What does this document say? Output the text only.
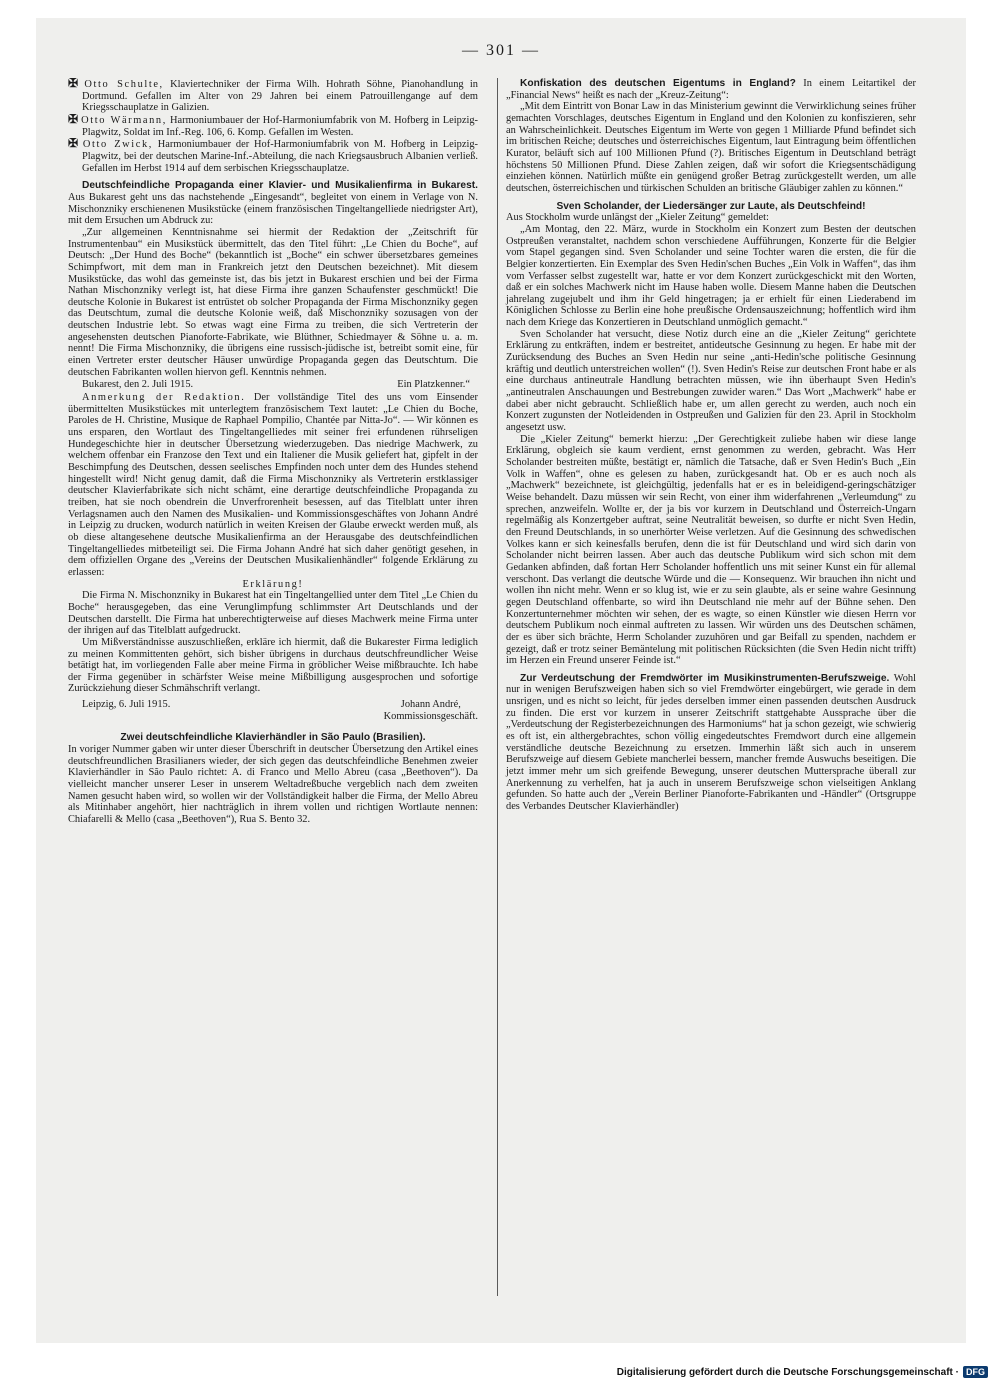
— 301 —

✠ Otto Schulte, Klaviertechniker der Firma Wilh. Hohrath Söhne, Pianohandlung in Dortmund. Gefallen im Alter von 29 Jahren bei einem Patrouillengange auf dem Kriegsschauplatze in Galizien.

✠ Otto Wärmann, Harmoniumbauer der Hof-Harmoniumfabrik von M. Hofberg in Leipzig-Plagwitz, Soldat im Inf.-Reg. 106, 6. Komp. Gefallen im Westen.

✠ Otto Zwick, Harmoniumbauer der Hof-Harmoniumfabrik von M. Hofberg in Leipzig-Plagwitz, bei der deutschen Marine-Inf.-Abteilung, die nach Kriegsausbruch Albanien verließ. Gefallen im Herbst 1914 auf dem serbischen Kriegsschauplatze.

Deutschfeindliche Propaganda einer Klavier- und Musikalienfirma in Bukarest. Aus Bukarest geht uns das nachstehende „Eingesandt“, begleitet von einem in Verlage von N. Mischonzniky erschienenen Musikstücke (einem französischen Tingeltangelliede niedrigster Art), mit dem Ersuchen um Abdruck zu:

„Zur allgemeinen Kenntnisnahme sei hiermit der Redaktion der „Zeitschrift für Instrumentenbau“ ein Musikstück übermittelt, das den Titel führt: „Le Chien du Boche“, auf Deutsch: „Der Hund des Boche“ (bekanntlich ist „Boche“ ein schwer übersetzbares gemeines Schimpfwort, mit dem man in Frankreich jetzt den Deutschen bezeichnet). Mit diesem Musikstücke, das wohl das gemeinste ist, das bis jetzt in Bukarest erschien und bei der Firma Nathan Mischonzniky verlegt ist, hat diese Firma ihre ganzen Schaufenster geschmückt! Die deutsche Kolonie in Bukarest ist entrüstet ob solcher Propaganda der Firma Mischonzniky gegen das Deutschtum, zumal die deutsche Kolonie weiß, daß Mischonzniky sozusagen von der deutschen Industrie lebt. So etwas wagt eine Firma zu treiben, die sich Vertreterin der angesehensten deutschen Pianoforte-Fabrikate, wie Blüthner, Schiedmayer & Söhne u. a. m. nennt! Die Firma Mischonzniky, die übrigens eine russisch-jüdische ist, betreibt somit eine, für einen Vertreter erster deutscher Häuser unwürdige Propaganda gegen das Deutschtum. Die deutschen Fabrikanten wollen hiervon gefl. Kenntnis nehmen.

Bukarest, den 2. Juli 1915.	Ein Platzkenner.“

Anmerkung der Redaktion. Der vollständige Titel des uns vom Einsender übermittelten Musikstückes mit unterlegtem französischem Text lautet: „Le Chien du Boche, Paroles de H. Christine, Musique de Raphael Pompilio, Chantée par Nitta-Jo“. — Wir können es uns ersparen, den Wortlaut des Tingeltangelliedes mit seiner frei erfundenen rührseligen Hundegeschichte hier in deutscher Übersetzung wiederzugeben. Das niedrige Machwerk, zu welchem offenbar ein Franzose den Text und ein Italiener die Musik geliefert hat, gipfelt in der Beschimpfung des Deutschen, dessen seelisches Empfinden noch unter dem des Hundes stehend hingestellt wird! Nicht genug damit, daß die Firma Mischonzniky als Vertreterin erstklassiger deutscher Klavierfabrikate sich nicht schämt, eine derartige deutschfeindliche Propaganda zu treiben, hat sie noch obendrein die Unverfrorenheit besessen, auf das Titelblatt unter ihren Verlagsnamen auch den Namen des Musikalien- und Kommissionsgeschäftes von Johann André in Leipzig zu drucken, wodurch natürlich in weiten Kreisen der Glaube erweckt werden muß, als ob diese altangesehene deutsche Musikalienfirma an der Herausgabe des deutschfeindlichen Tingeltangelliedes mitbeteiligt sei. Die Firma Johann André hat sich daher genötigt gesehen, in dem offiziellen Organe des „Vereins der Deutschen Musikalienhändler“ folgende Erklärung zu erlassen:

Erklärung!

Die Firma N. Mischonzniky in Bukarest hat ein Tingeltangellied unter dem Titel „Le Chien du Boche“ herausgegeben, das eine Verunglimpfung schlimmster Art Deutschlands und der Deutschen darstellt. Die Firma hat unberechtigterweise auf dieses Machwerk meine Firma unter der ihrigen auf das Titelblatt aufgedruckt.

Um Mißverständnisse auszuschließen, erkläre ich hiermit, daß die Bukarester Firma lediglich zu meinen Kommittenten gehört, sich bisher übrigens in durchaus deutschfreundlicher Weise betätigt hat, im vorliegenden Falle aber meine Firma in gröblicher Weise mißbrauchte. Ich habe der Firma gegenüber in schärfster Weise meine Mißbilligung ausgesprochen und sofortige Zurückziehung dieser Schmähschrift verlangt.

Leipzig, 6. Juli 1915.	Johann André,
Kommissionsgeschäft.

Zwei deutschfeindliche Klavierhändler in São Paulo (Brasilien).

In voriger Nummer gaben wir unter dieser Überschrift in deutscher Übersetzung den Artikel eines deutschfreundlichen Brasilianers wieder, der sich gegen das deutschfeindliche Benehmen zweier Klavierhändler in São Paulo richtet: A. di Franco und Mello Abreu (casa „Beethoven“). Da vielleicht mancher unserer Leser in unserem Weltadreßbuche vergeblich nach dem zweiten Namen gesucht haben wird, so wollen wir der Vollständigkeit halber die Firma, der Mello Abreu als Mitinhaber angehört, hier nachträglich in ihrem vollen und richtigen Wortlaute nennen: Chiafarelli & Mello (casa „Beethoven“), Rua S. Bento 32.

Konfiskation des deutschen Eigentums in England? In einem Leitartikel der „Financial News“ heißt es nach der „Kreuz-Zeitung“:

„Mit dem Eintritt von Bonar Law in das Ministerium gewinnt die Verwirklichung seines früher gemachten Vorschlages, deutsches Eigentum in England und den Kolonien zu konfiszieren, sehr an Wahrscheinlichkeit. Deutsches Eigentum im Werte von gegen 1 Milliarde Pfund befindet sich im britischen Reiche; deutsches und österreichisches Eigentum, laut Eintragung beim öffentlichen Kurator, beläuft sich auf 100 Millionen Pfund (?). Britisches Eigentum in Deutschland beträgt höchstens 50 Millionen Pfund. Diese Zahlen zeigen, daß wir sofort die Kriegsentschädigung einziehen können. Natürlich müßte ein genügend großer Betrag zurückgestellt werden, um alle deutschen, österreichischen und türkischen Schulden an britische Gläubiger zahlen zu können.“

Sven Scholander, der Liedersänger zur Laute, als Deutschfeind!

Aus Stockholm wurde unlängst der „Kieler Zeitung“ gemeldet:

„Am Montag, den 22. März, wurde in Stockholm ein Konzert zum Besten der deutschen Ostpreußen veranstaltet, nachdem schon verschiedene Aufführungen, Konzerte für die Belgier vom Stapel gegangen sind. Sven Scholander und seine Tochter waren die ersten, die für die Belgier konzertierten. Ein Exemplar des Sven Hedin'schen Buches „Ein Volk in Waffen“, das ihm vom Verfasser selbst zugestellt war, hatte er vor dem Konzert zurückgeschickt mit den Worten, daß er ein solches Machwerk nicht im Hause haben wolle. Diesem Manne haben die Deutschen jahrelang zugejubelt und ihm ihr Geld hingetragen; ja er erhielt für einen Liederabend im Königlichen Schlosse zu Berlin eine hohe preußische Ordensauszeichnung; hoffentlich wird ihm nach dem Kriege das Konzertieren in Deutschland unmöglich gemacht.“

Sven Scholander hat versucht, diese Notiz durch eine an die „Kieler Zeitung“ gerichtete Erklärung zu entkräften, indem er bestreitet, antideutsche Gesinnung zu hegen. Er habe mit der Zurücksendung des Buches an Sven Hedin nur seine „anti-Hedin'sche politische Gesinnung kräftig und deutlich unterstreichen wollen“ (!). Sven Hedin's Reise zur deutschen Front habe er als eine durchaus antineutrale Handlung betrachten müssen, wie ihn überhaupt Sven Hedin's „antineutralen Anschauungen und Bestrebungen zuwider waren.“ Das Wort „Machwerk“ habe er dabei aber nicht gebraucht. Schließlich habe er, um allen gerecht zu werden, auch noch ein Konzert zugunsten der Notleidenden in Ostpreußen und Galizien für den 23. April in Stockholm angesetzt usw.

Die „Kieler Zeitung“ bemerkt hierzu: „Der Gerechtigkeit zuliebe haben wir diese lange Erklärung, obgleich sie kaum verdient, ernst genommen zu werden, gebracht. Was Herr Scholander bestreiten müßte, bestätigt er, nämlich die Tatsache, daß er Sven Hedin's Buch „Ein Volk in Waffen“, ohne es gelesen zu haben, zurückgesandt hat. Ob er es auch noch als „Machwerk“ bezeichnete, ist gleichgültig, jedenfalls hat er es in beleidigend-geringschätziger Weise behandelt. Dazu müssen wir sein Recht, von einer ihm widerfahrenen „Verleumdung“ zu sprechen, anzweifeln. Wollte er, der ja bis vor kurzem in Deutschland und Österreich-Ungarn regelmäßig als Konzertgeber auftrat, seine Neutralität beweisen, so durfte er nicht Sven Hedin, den Freund Deutschlands, in so unerhörter Weise verletzen. Auf die Gesinnung des schwedischen Volkes kann er sich keinesfalls berufen, denn die ist für Deutschland und wird sich darin von Scholander nicht beirren lassen. Aber auch das deutsche Publikum wird sich schon mit dem Gedanken abfinden, daß fortan Herr Scholander hoffentlich uns mit seiner Kunst ein für allemal verschont. Das verlangt die deutsche Würde und die — Konsequenz. Wir brauchen ihn nicht und wollen ihn nicht mehr. Wenn er so klug ist, wie er zu sein glaubte, als er seine wahre Gesinnung gegen Deutschland offenbarte, so wird ihn Deutschland nie mehr auf der Bühne sehen. Den Konzertunternehmer möchten wir sehen, der es wagte, so einen Künstler wie diesen Herrn vor deutschem Publikum noch einmal auftreten zu lassen. Wir würden uns des Deutschen schämen, der es über sich brächte, Herrn Scholander zuzuhören und gar Beifall zu spenden, nachdem er gezeigt, daß er trotz seiner Bemäntelung mit politischen Rücksichten (die Sven Hedin nicht trifft) im Herzen ein Freund unserer Feinde ist.“

Zur Verdeutschung der Fremdwörter im Musikinstrumenten-Berufszweige. Wohl nur in wenigen Berufszweigen haben sich so viel Fremdwörter eingebürgert, wie gerade in dem unsrigen, und es nicht so leicht, für jedes derselben immer einen passenden deutschen Ausdruck zu finden. Die erst vor kurzem in unserer Zeitschrift stattgehabte Aussprache über die „Verdeutschung der Registerbezeichnungen des Harmoniums“ hat ja schon gezeigt, wie schwierig es oft ist, ein althergebrachtes, schon völlig eingedeutschtes Fremdwort durch eine allgemein verständliche deutsche Bezeichnung zu ersetzen. Immerhin läßt sich auch in unserem Berufszweige auf diesem Gebiete mancherlei bessern, mancher fremde Auswuchs beseitigen. Die jetzt immer mehr um sich greifende Bewegung, unserer deutschen Muttersprache überall zur Anerkennung zu verhelfen, hat ja auch in unserem Berufszweige schon vielseitigen Anklang gefunden. So hatte auch der „Verein Berliner Pianoforte-Fabrikanten und -Händler“ (Ortsgruppe des Verbandes Deutscher Klavierhändler)

Digitalisierung gefördert durch die Deutsche Forschungsgemeinschaft · DFG
